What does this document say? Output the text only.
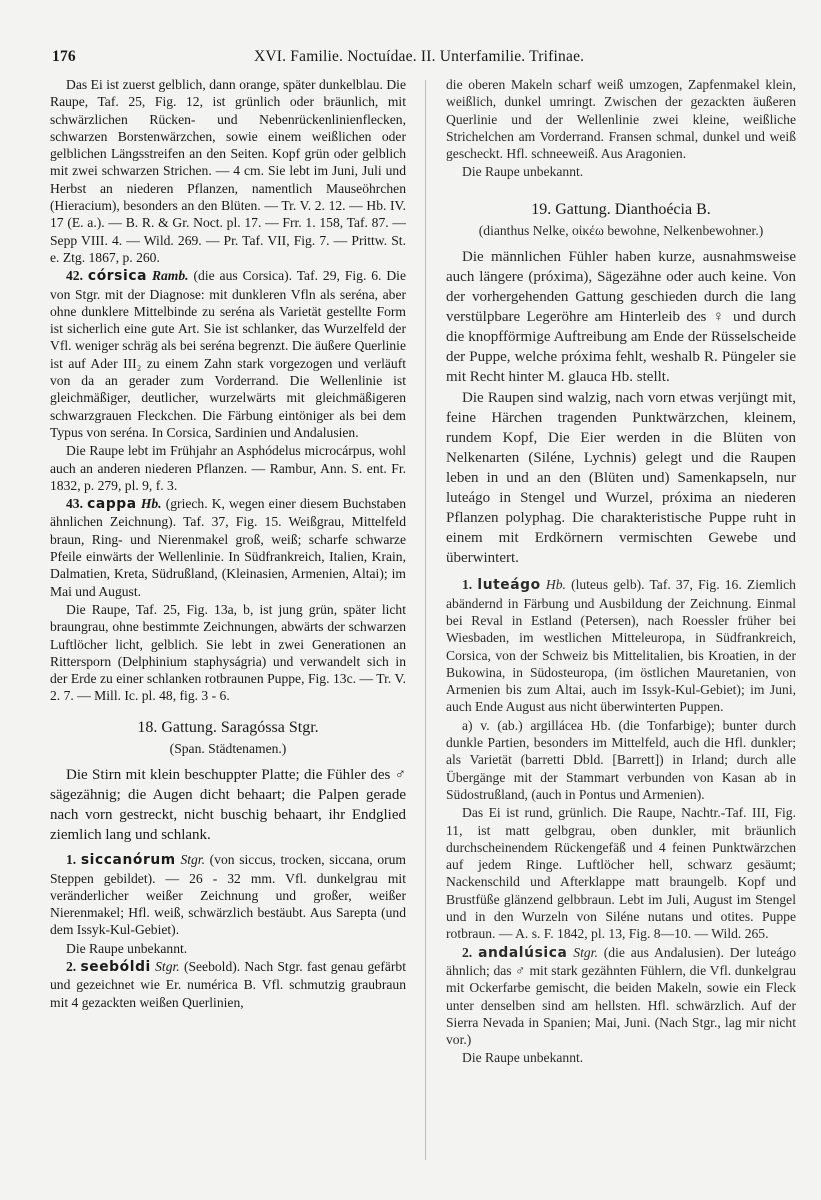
176	XVI. Familie. Noctuídae. II. Unterfamilie. Trifinae.

Das Ei ist zuerst gelblich, dann orange, später dunkelblau. Die Raupe, Taf. 25, Fig. 12, ist grünlich oder bräunlich, mit schwärzlichen Rücken- und Nebenrückenlinienflecken, schwarzen Borstenwärzchen, sowie einem weißlichen oder gelblichen Längsstreifen an den Seiten. Kopf grün oder gelblich mit zwei schwarzen Strichen. — 4 cm. Sie lebt im Juni, Juli und Herbst an niederen Pflanzen, namentlich Mauseöhrchen (Hieracium), besonders an den Blüten. — Tr. V. 2. 12. — Hb. IV. 17 (E. a.). — B. R. & Gr. Noct. pl. 17. — Frr. 1. 158, Taf. 87. — Sepp VIII. 4. — Wild. 269. — Pr. Taf. VII, Fig. 7. — Prittw. St. e. Ztg. 1867, p. 260.

42. córsica Ramb. (die aus Corsica). Taf. 29, Fig. 6. Die von Stgr. mit der Diagnose: mit dunkleren Vfln als seréna, aber ohne dunklere Mittelbinde zu seréna als Varietät gestellte Form ist sicherlich eine gute Art. Sie ist schlanker, das Wurzelfeld der Vfl. weniger schräg als bei seréna begrenzt. Die äußere Querlinie ist auf Ader III₂ zu einem Zahn stark vorgezogen und verläuft von da an gerader zum Vorderrand. Die Wellenlinie ist gleichmäßiger, deutlicher, wurzelwärts mit gleichmäßigeren schwarzgrauen Fleckchen. Die Färbung eintöniger als bei dem Typus von seréna. In Corsica, Sardinien und Andalusien.

Die Raupe lebt im Frühjahr an Asphódelus microcárpus, wohl auch an anderen niederen Pflanzen. — Rambur, Ann. S. ent. Fr. 1832, p. 279, pl. 9, f. 3.

43. cappa Hb. (griech. K, wegen einer diesem Buchstaben ähnlichen Zeichnung). Taf. 37, Fig. 15. Weißgrau, Mittelfeld braun, Ring- und Nierenmakel groß, weiß; scharfe schwarze Pfeile einwärts der Wellenlinie. In Südfrankreich, Italien, Krain, Dalmatien, Kreta, Südrußland, (Kleinasien, Armenien, Altai); im Mai und August.

Die Raupe, Taf. 25, Fig. 13a, b, ist jung grün, später licht braungrau, ohne bestimmte Zeichnungen, abwärts der schwarzen Luftlöcher licht, gelblich. Sie lebt in zwei Generationen an Rittersporn (Delphinium staphyságria) und verwandelt sich in der Erde zu einer schlanken rotbraunen Puppe, Fig. 13c. — Tr. V. 2. 7. — Mill. Ic. pl. 48, fig. 3 - 6.

18. Gattung. Saragóssa Stgr.

(Span. Städtenamen.)

Die Stirn mit klein beschuppter Platte; die Fühler des ♂ sägezähnig; die Augen dicht behaart; die Palpen gerade nach vorn gestreckt, nicht buschig behaart, ihr Endglied ziemlich lang und schlank.

1. siccanórum Stgr. (von siccus, trocken, siccana, orum Steppen gebildet). — 26 - 32 mm. Vfl. dunkelgrau mit veränderlicher weißer Zeichnung und großer, weißer Nierenmakel; Hfl. weiß, schwärzlich bestäubt. Aus Sarepta (und dem Issyk-Kul-Gebiet).

Die Raupe unbekannt.

2. seebóldi Stgr. (Seebold). Nach Stgr. fast genau gefärbt und gezeichnet wie Er. numérica B. Vfl. schmutzig graubraun mit 4 gezackten weißen Querlinien,

die oberen Makeln scharf weiß umzogen, Zapfenmakel klein, weißlich, dunkel umringt. Zwischen der gezackten äußeren Querlinie und der Wellenlinie zwei kleine, weißliche Strichelchen am Vorderrand. Fransen schmal, dunkel und weiß gescheckt. Hfl. schneeweiß. Aus Aragonien.

Die Raupe unbekannt.

19. Gattung. Dianthoécia B.

(dianthus Nelke, οἰκέω bewohne, Nelkenbewohner.)

Die männlichen Fühler haben kurze, ausnahmsweise auch längere (próxima), Sägezähne oder auch keine. Von der vorhergehenden Gattung geschieden durch die lang verstülpbare Legeröhre am Hinterleib des ♀ und durch die knopfförmige Auftreibung am Ende der Rüsselscheide der Puppe, welche próxima fehlt, weshalb R. Püngeler sie mit Recht hinter M. glauca Hb. stellt.

Die Raupen sind walzig, nach vorn etwas verjüngt mit, feine Härchen tragenden Punktwärzchen, kleinem, rundem Kopf, Die Eier werden in die Blüten von Nelkenarten (Siléne, Lychnis) gelegt und die Raupen leben in und an den (Blüten und) Samenkapseln, nur luteágo in Stengel und Wurzel, próxima an niederen Pflanzen polyphag. Die charakteristische Puppe ruht in einem mit Erdkörnern vermischten Gewebe und überwintert.

1. luteágo Hb. (luteus gelb). Taf. 37, Fig. 16. Ziemlich abändernd in Färbung und Ausbildung der Zeichnung. Einmal bei Reval in Estland (Petersen), nach Roessler früher bei Wiesbaden, im westlichen Mitteleuropa, in Südfrankreich, Corsica, von der Schweiz bis Mittelitalien, bis Kroatien, in der Bukowina, in Südosteuropa, (im östlichen Mauretanien, von Armenien bis zum Altai, auch im Issyk-Kul-Gebiet); im Juni, auch Ende August aus nicht überwinterten Puppen.

a) v. (ab.) argillácea Hb. (die Tonfarbige); bunter durch dunkle Partien, besonders im Mittelfeld, auch die Hfl. dunkler; als Varietät (barretti Dbld. [Barrett]) in Irland; durch alle Übergänge mit der Stammart verbunden von Kasan ab in Südostrußland, (auch in Pontus und Armenien).

Das Ei ist rund, grünlich. Die Raupe, Nachtr.-Taf. III, Fig. 11, ist matt gelbgrau, oben dunkler, mit bräunlich durchscheinendem Rückengefäß und 4 feinen Punktwärzchen auf jedem Ringe. Luftlöcher hell, schwarz gesäumt; Nackenschild und Afterklappe matt braungelb. Kopf und Brustfüße glänzend gelbbraun. Lebt im Juli, August im Stengel und in den Wurzeln von Siléne nutans und otites. Puppe rotbraun. — A. s. F. 1842, pl. 13, Fig. 8—10. — Wild. 265.

2. andalúsica Stgr. (die aus Andalusien). Der luteágo ähnlich; das ♂ mit stark gezähnten Fühlern, die Vfl. dunkelgrau mit Ockerfarbe gemischt, die beiden Makeln, sowie ein Fleck unter denselben sind am hellsten. Hfl. schwärzlich. Auf der Sierra Nevada in Spanien; Mai, Juni. (Nach Stgr., lag mir nicht vor.)

Die Raupe unbekannt.
